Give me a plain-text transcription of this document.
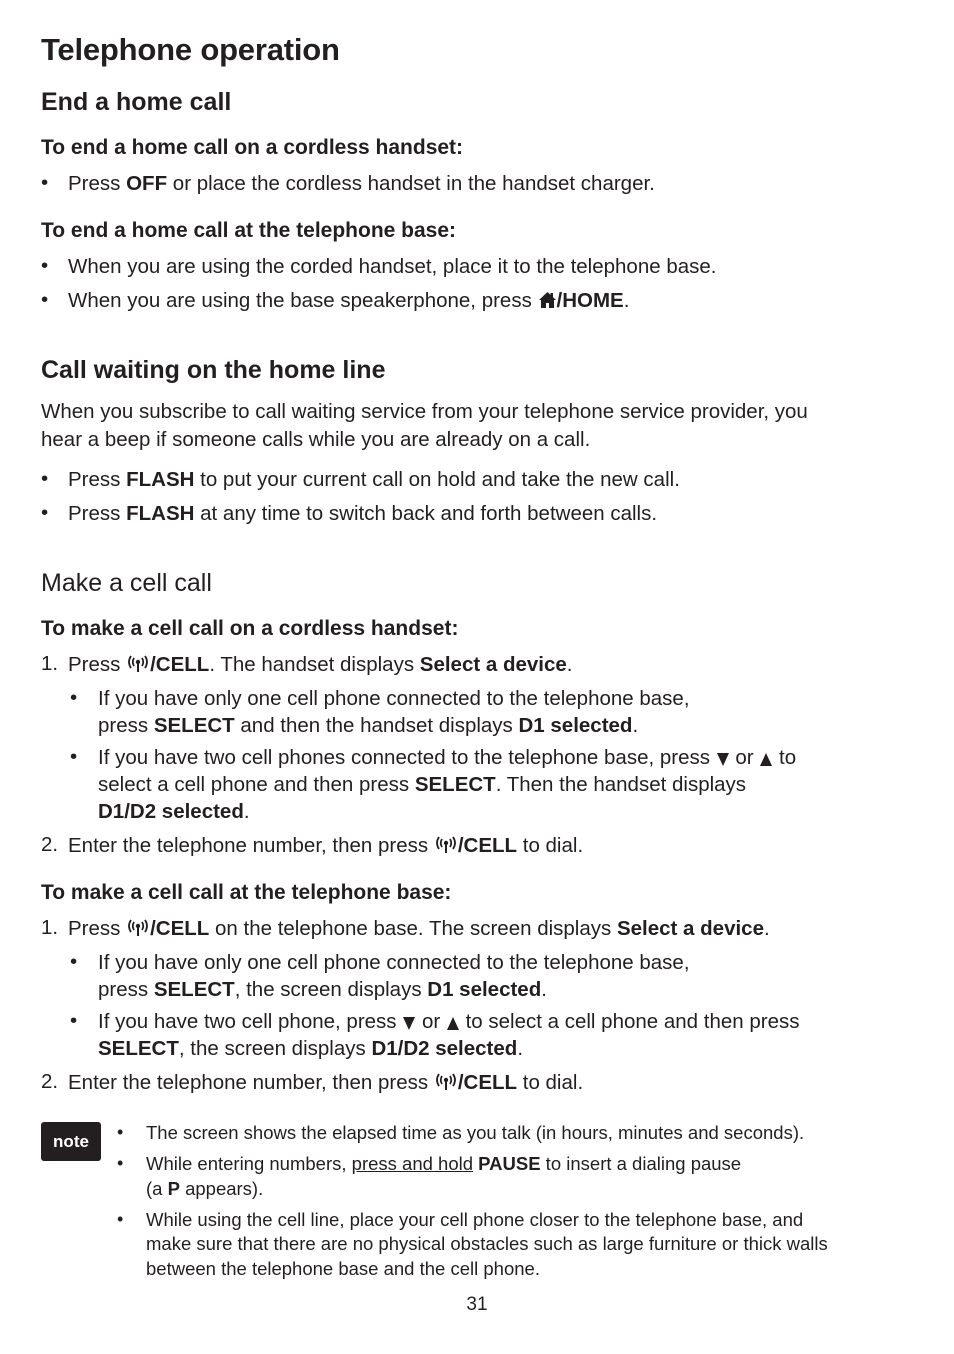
Telephone operation
End a home call
To end a home call on a cordless handset:
• Press OFF or place the cordless handset in the handset charger.
To end a home call at the telephone base:
• When you are using the corded handset, place it to the telephone base.
• When you are using the base speakerphone, press /HOME.
Call waiting on the home line
When you subscribe to call waiting service from your telephone service provider, you
hear a beep if someone calls while you are already on a call.
• Press FLASH to put your current call on hold and take the new call.
• Press FLASH at any time to switch back and forth between calls.
Make a cell call
To make a cell call on a cordless handset:
1. Press /CELL. The handset displays Select a device.
• If you have only one cell phone connected to the telephone base,
press SELECT and then the handset displays D1 selected.
• If you have two cell phones connected to the telephone base, press  or  to
select a cell phone and then press SELECT. Then the handset displays
D1/D2 selected.
2. Enter the telephone number, then press /CELL to dial.
To make a cell call at the telephone base:
1. Press /CELL on the telephone base. The screen displays Select a device.
• If you have only one cell phone connected to the telephone base,
press SELECT, the screen displays D1 selected.
• If you have two cell phone, press  or  to select a cell phone and then press
SELECT, the screen displays D1/D2 selected.
2. Enter the telephone number, then press /CELL to dial.
note	• The screen shows the elapsed time as you talk (in hours, minutes and seconds).
• While entering numbers, press and hold PAUSE to insert a dialing pause
(a P appears).
• While using the cell line, place your cell phone closer to the telephone base, and
make sure that there are no physical obstacles such as large furniture or thick walls
between the telephone base and the cell phone.
31
